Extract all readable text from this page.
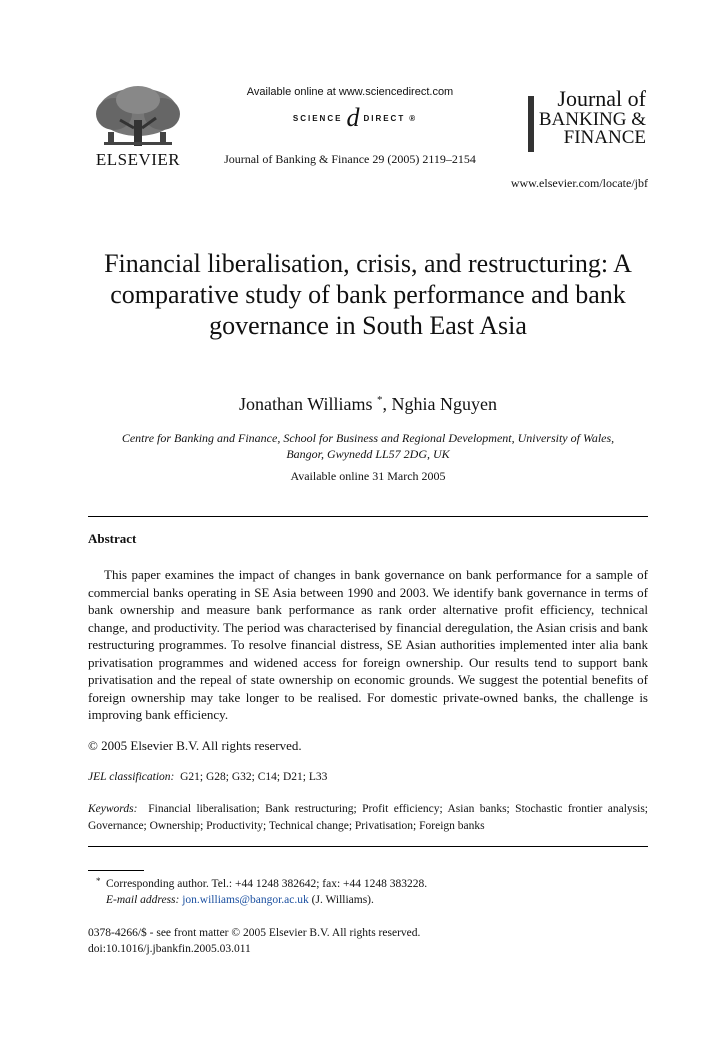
ELSEVIER
Available online at www.sciencedirect.com
SCIENCE d DIRECT ®
Journal of Banking & Finance 29 (2005) 2119–2154
Journal of
BANKING &
FINANCE
www.elsevier.com/locate/jbf
Financial liberalisation, crisis, and restructuring: A comparative study of bank performance and bank governance in South East Asia
Jonathan Williams *, Nghia Nguyen
Centre for Banking and Finance, School for Business and Regional Development, University of Wales,
Bangor, Gwynedd LL57 2DG, UK
Available online 31 March 2005
Abstract
This paper examines the impact of changes in bank governance on bank performance for a sample of commercial banks operating in SE Asia between 1990 and 2003. We identify bank governance in terms of bank ownership and measure bank performance as rank order alternative profit efficiency, technical change, and productivity. The period was characterised by financial deregulation, the Asian crisis and bank restructuring programmes. To resolve financial distress, SE Asian authorities implemented inter alia bank privatisation programmes and widened access for foreign ownership. Our results tend to support bank privatisation and the repeal of state ownership on economic grounds. We suggest the potential benefits of foreign ownership may take longer to be realised. For domestic private-owned banks, the challenge is improving bank efficiency.
© 2005 Elsevier B.V. All rights reserved.
JEL classification: G21; G28; G32; C14; D21; L33
Keywords: Financial liberalisation; Bank restructuring; Profit efficiency; Asian banks; Stochastic frontier analysis; Governance; Ownership; Productivity; Technical change; Privatisation; Foreign banks
* Corresponding author. Tel.: +44 1248 382642; fax: +44 1248 383228.
E-mail address: jon.williams@bangor.ac.uk (J. Williams).
0378-4266/$ - see front matter © 2005 Elsevier B.V. All rights reserved.
doi:10.1016/j.jbankfin.2005.03.011
